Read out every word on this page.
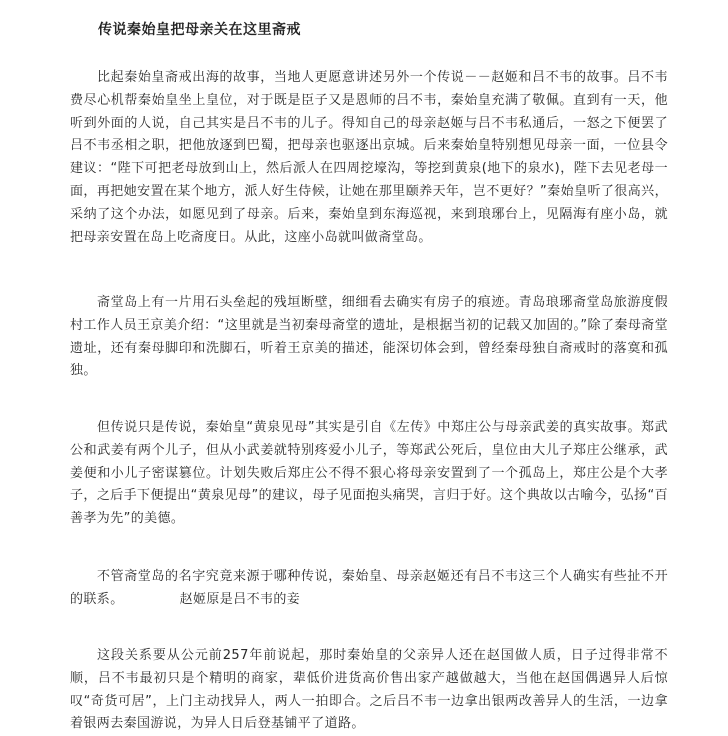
传说秦始皇把母亲关在这里斋戒

比起秦始皇斋戒出海的故事，当地人更愿意讲述另外一个传说－－赵姬和吕不韦的故事。吕不韦费尽心机帮秦始皇坐上皇位，对于既是臣子又是恩师的吕不韦，秦始皇充满了敬佩。直到有一天，他听到外面的人说，自己其实是吕不韦的儿子。得知自己的母亲赵姬与吕不韦私通后，一怒之下便罢了吕不韦丞相之职，把他放逐到巴蜀，把母亲也驱逐出京城。后来秦始皇特别想见母亲一面，一位县令建议：“陛下可把老母放到山上，然后派人在四周挖壕沟，等挖到黄泉(地下的泉水)，陛下去见老母一面，再把她安置在某个地方，派人好生侍候，让她在那里颐养天年，岂不更好？”秦始皇听了很高兴，采纳了这个办法，如愿见到了母亲。后来，秦始皇到东海巡视，来到琅琊台上，见隔海有座小岛，就把母亲安置在岛上吃斋度日。从此，这座小岛就叫做斋堂岛。

斋堂岛上有一片用石头垒起的残垣断壁，细细看去确实有房子的痕迹。青岛琅琊斋堂岛旅游度假村工作人员王京美介绍：“这里就是当初秦母斋堂的遗址，是根据当初的记载又加固的。”除了秦母斋堂遗址，还有秦母脚印和洗脚石，听着王京美的描述，能深切体会到，曾经秦母独自斋戒时的落寞和孤独。

但传说只是传说，秦始皇“黄泉见母”其实是引自《左传》中郑庄公与母亲武姜的真实故事。郑武公和武姜有两个儿子，但从小武姜就特别疼爱小儿子，等郑武公死后，皇位由大儿子郑庄公继承，武姜便和小儿子密谋篡位。计划失败后郑庄公不得不狠心将母亲安置到了一个孤岛上，郑庄公是个大孝子，之后手下便提出“黄泉见母”的建议，母子见面抱头痛哭，言归于好。这个典故以古喻今，弘扬“百善孝为先”的美德。

不管斋堂岛的名字究竟来源于哪种传说，秦始皇、母亲赵姬还有吕不韦这三个人确实有些扯不开的联系。	赵姬原是吕不韦的妾

这段关系要从公元前257年前说起，那时秦始皇的父亲异人还在赵国做人质，日子过得非常不顺，吕不韦最初只是个精明的商家，辈低价进货高价售出家产越做越大，当他在赵国偶遇异人后惊叹“奇货可居”，上门主动找异人，两人一拍即合。之后吕不韦一边拿出银两改善异人的生活，一边拿着银两去秦国游说，为异人日后登基铺平了道路。
